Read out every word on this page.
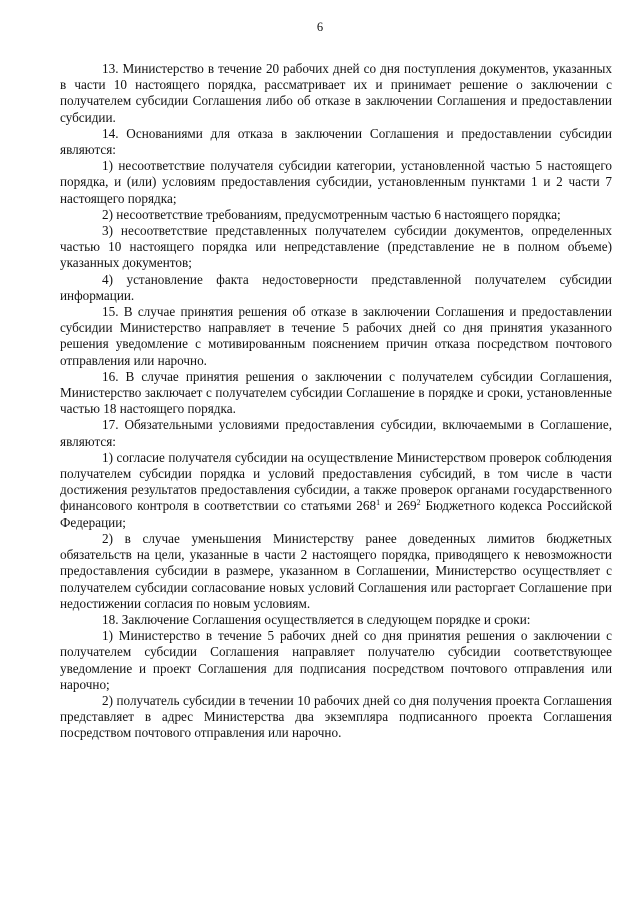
6

13. Министерство в течение 20 рабочих дней со дня поступления документов, указанных в части 10 настоящего порядка, рассматривает их и принимает решение о заключении с получателем субсидии Соглашения либо об отказе в заключении Соглашения и предоставлении субсидии.

14. Основаниями для отказа в заключении Соглашения и предоставлении субсидии являются:

1) несоответствие получателя субсидии категории, установленной частью 5 настоящего порядка, и (или) условиям предоставления субсидии, установленным пунктами 1 и 2 части 7 настоящего порядка;

2) несоответствие требованиям, предусмотренным частью 6 настоящего порядка;

3) несоответствие представленных получателем субсидии документов, определенных частью 10 настоящего порядка или непредставление (представление не в полном объеме) указанных документов;

4) установление факта недостоверности представленной получателем субсидии информации.

15. В случае принятия решения об отказе в заключении Соглашения и предоставлении субсидии Министерство направляет в течение 5 рабочих дней со дня принятия указанного решения уведомление с мотивированным пояснением причин отказа посредством почтового отправления или нарочно.

16. В случае принятия решения о заключении с получателем субсидии Соглашения, Министерство заключает с получателем субсидии Соглашение в порядке и сроки, установленные частью 18 настоящего порядка.

17. Обязательными условиями предоставления субсидии, включаемыми в Соглашение, являются:

1) согласие получателя субсидии на осуществление Министерством проверок соблюдения получателем субсидии порядка и условий предоставления субсидий, в том числе в части достижения результатов предоставления субсидии, а также проверок органами государственного финансового контроля в соответствии со статьями $268^1$ и $269^2$ Бюджетного кодекса Российской Федерации;

2) в случае уменьшения Министерству ранее доведенных лимитов бюджетных обязательств на цели, указанные в части 2 настоящего порядка, приводящего к невозможности предоставления субсидии в размере, указанном в Соглашении, Министерство осуществляет с получателем субсидии согласование новых условий Соглашения или расторгает Соглашение при недостижении согласия по новым условиям.

18. Заключение Соглашения осуществляется в следующем порядке и сроки:

1) Министерство в течение 5 рабочих дней со дня принятия решения о заключении с получателем субсидии Соглашения направляет получателю субсидии соответствующее уведомление и проект Соглашения для подписания посредством почтового отправления или нарочно;

2) получатель субсидии в течении 10 рабочих дней со дня получения проекта Соглашения представляет в адрес Министерства два экземпляра подписанного проекта Соглашения посредством почтового отправления или нарочно.
